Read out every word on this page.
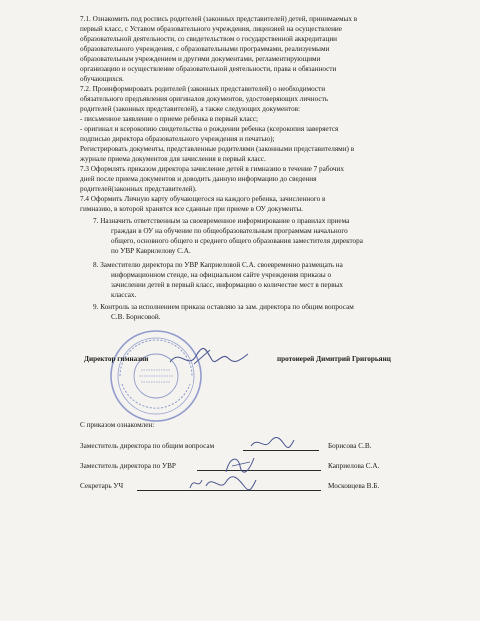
7.1. Ознакомить под роспись родителей (законных представителей) детей, принимаемых в
первый класс, с Уставом образовательного учреждения, лицензией на осуществление
образовательной деятельности, со свидетельством о государственной аккредитации
образовательного учреждения, с образовательными программами, реализуемыми
образовательным учреждением и другими документами, регламентирующими
организацию и осуществление образовательной деятельности, права и обязанности
обучающихся.
7.2. Проинформировать родителей (законных представителей) о необходимости
обязательного предъявления оригиналов документов, удостоверяющих личность
родителей (законных представителей), а также следующих документов:
- письменное заявление о приеме ребенка в первый класс;
- оригинал и ксерокопию свидетельства о рождении ребенка (ксерокопия заверяется
подписью директора образовательного учреждения и печатью);
Регистрировать документы, представленные родителями (законными представителями) в
журнале приема документов для зачисления в первый класс.
7.3 Оформлять приказом директора зачисление детей в гимназию в течение 7 рабочих
дней после приема документов и доводить данную информацию до сведения
родителей(законных представителей).
7.4 Оформить Личную карту обучающегося на каждого ребенка, зачисленного в
гимназию, в которой хранятся все сданные при приеме в ОУ документы.
7. Назначить ответственным за своевременное информирование о правилах приема
граждан в ОУ на обучение по общеобразовательным программам начального
общего, основного общего и среднего общего образования заместителя директора
по УВР Каврилелову С.А.
8. Заместителю директора по УВР Каприеловой С.А. своевременно размещать на
информационном стенде, на официальном сайте учреждения приказы о
зачислении детей в первый класс, информацию о количестве мест в первых
классах.
9. Контроль за исполнением приказа оставляю за зам. директора по общим вопросам
С.В. Борисовой.
Директор гимназии	протоиерей Димитрий Григорьянц
С приказом ознакомлен:
Заместитель директора по общим вопросам	Борисова С.В.
Заместитель директора по УВР	Каприелова С.А.
Секретарь УЧ	Московцева В.Б.
